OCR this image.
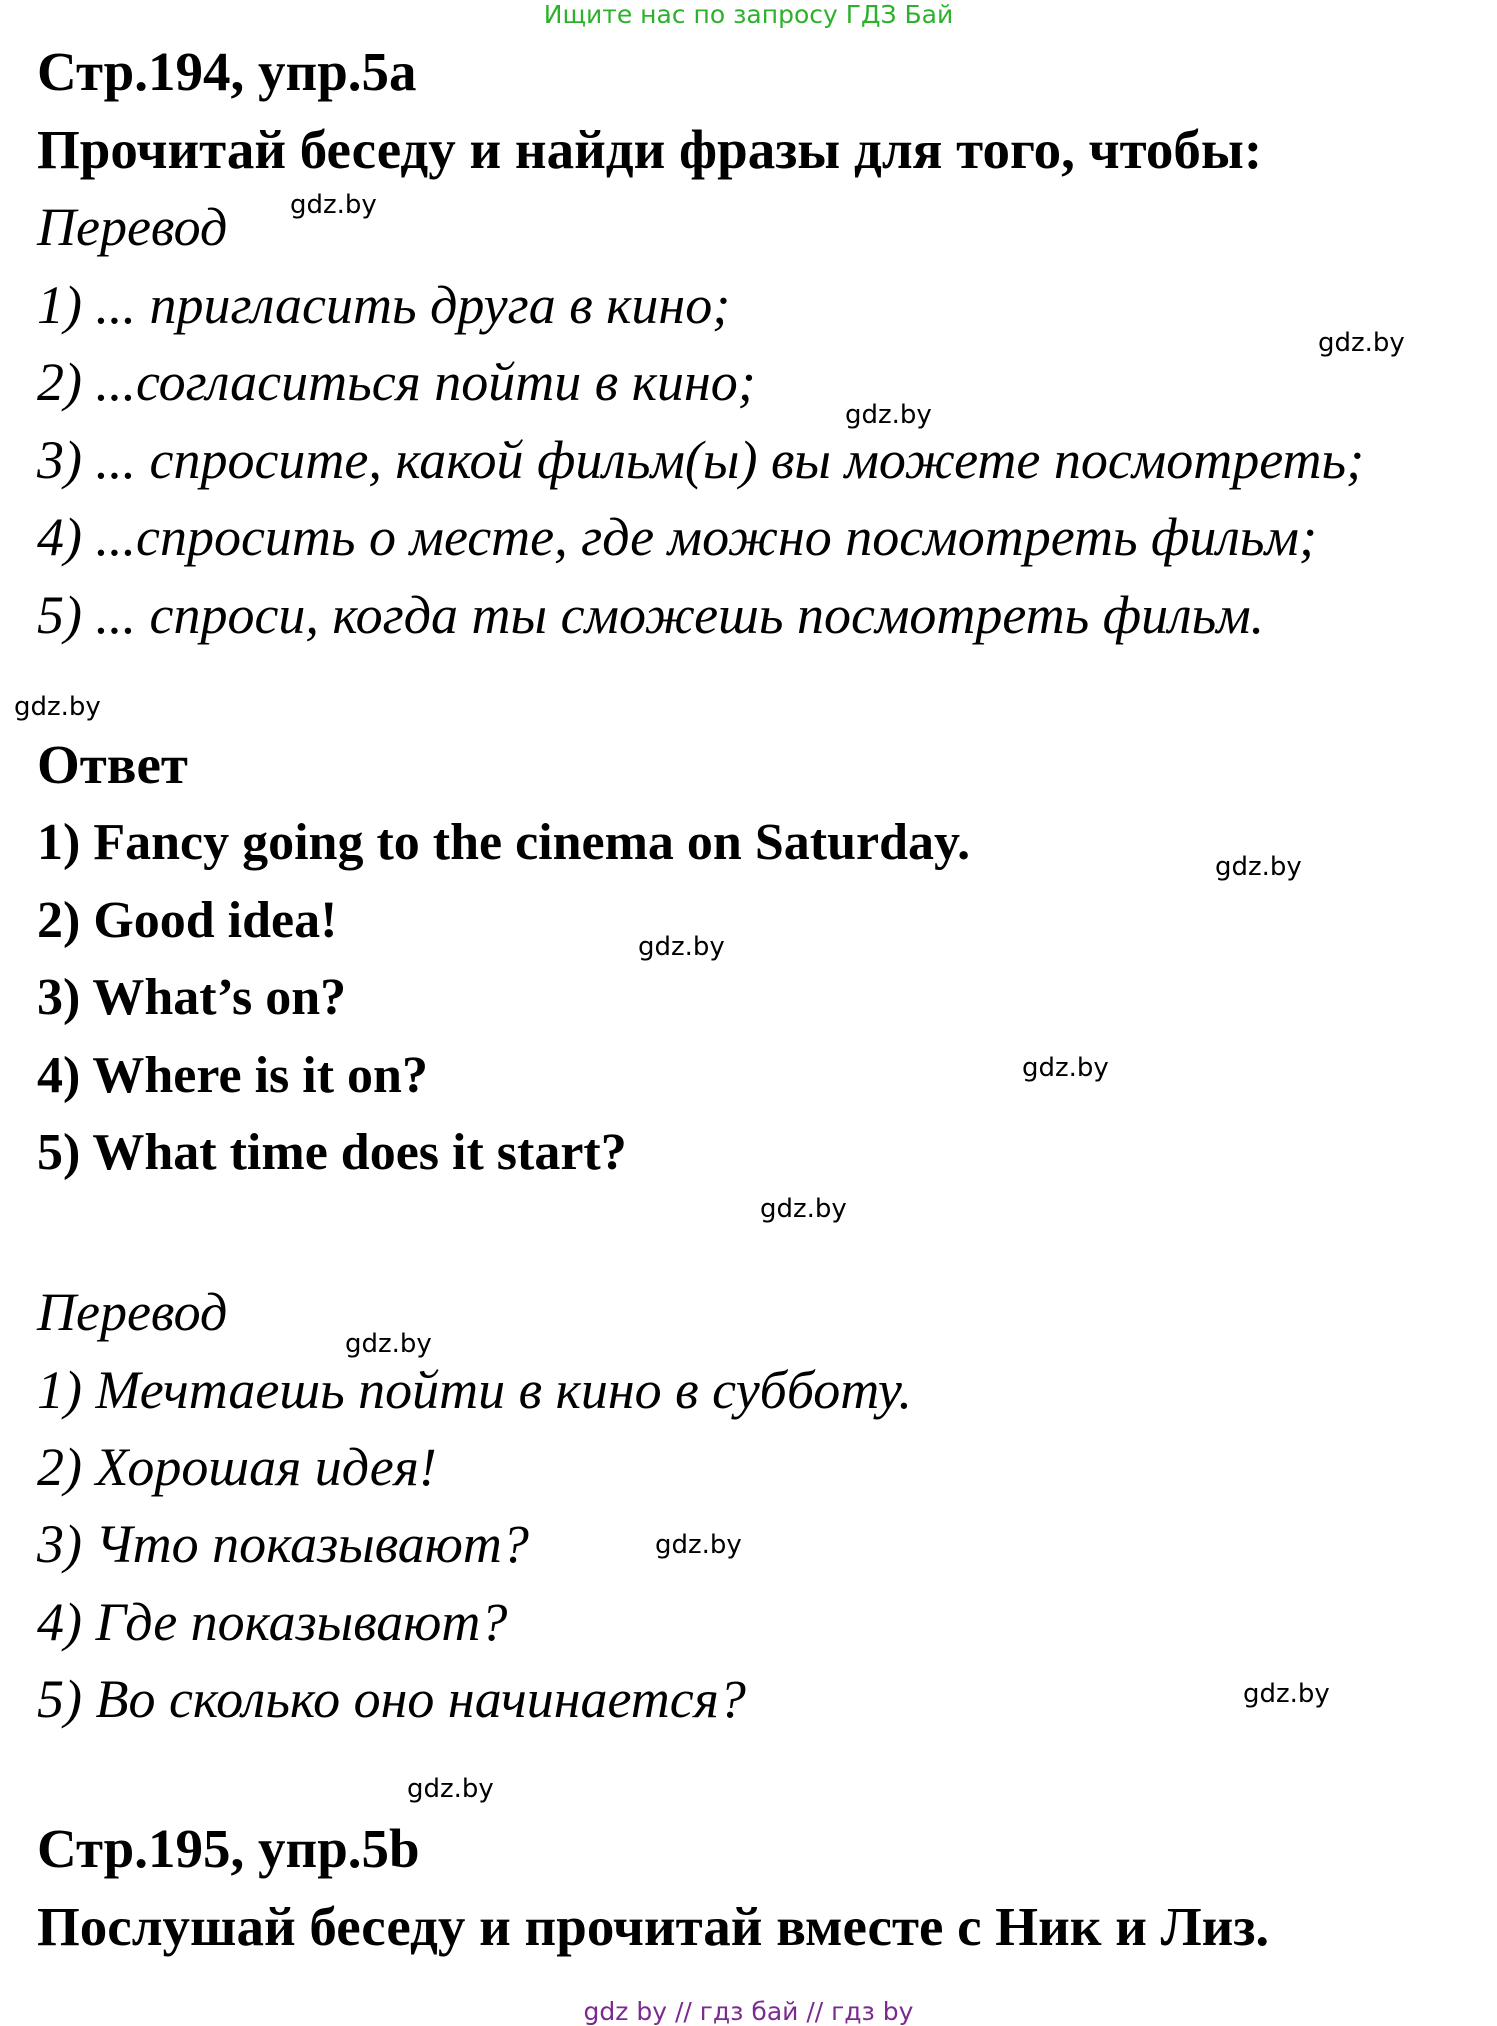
Ищите нас по запросу ГДЗ Бай
Стр.194, упр.5а
Прочитай беседу и найди фразы для того, чтобы:
Перевод
1) ... пригласить друга в кино;
2) ...согласиться пойти в кино;
3) ... спросите, какой фильм(ы) вы можете посмотреть;
4) ...спросить о месте, где можно посмотреть фильм;
5) ... спроси, когда ты сможешь посмотреть фильм.
Ответ
1) Fancy going to the cinema on Saturday.
2) Good idea!
3) What’s on?
4) Where is it on?
5) What time does it start?
Перевод
1) Мечтаешь пойти в кино в субботу.
2) Хорошая идея!
3) Что показывают?
4) Где показывают?
5) Во сколько оно начинается?
Стр.195, упр.5b
Послушай беседу и прочитай вместе с Ник и Лиз.
gdz.by
gdz.by
gdz.by
gdz.by
gdz.by
gdz.by
gdz.by
gdz.by
gdz.by
gdz.by
gdz.by
gdz.by
gdz by // гдз бай // гдз by
